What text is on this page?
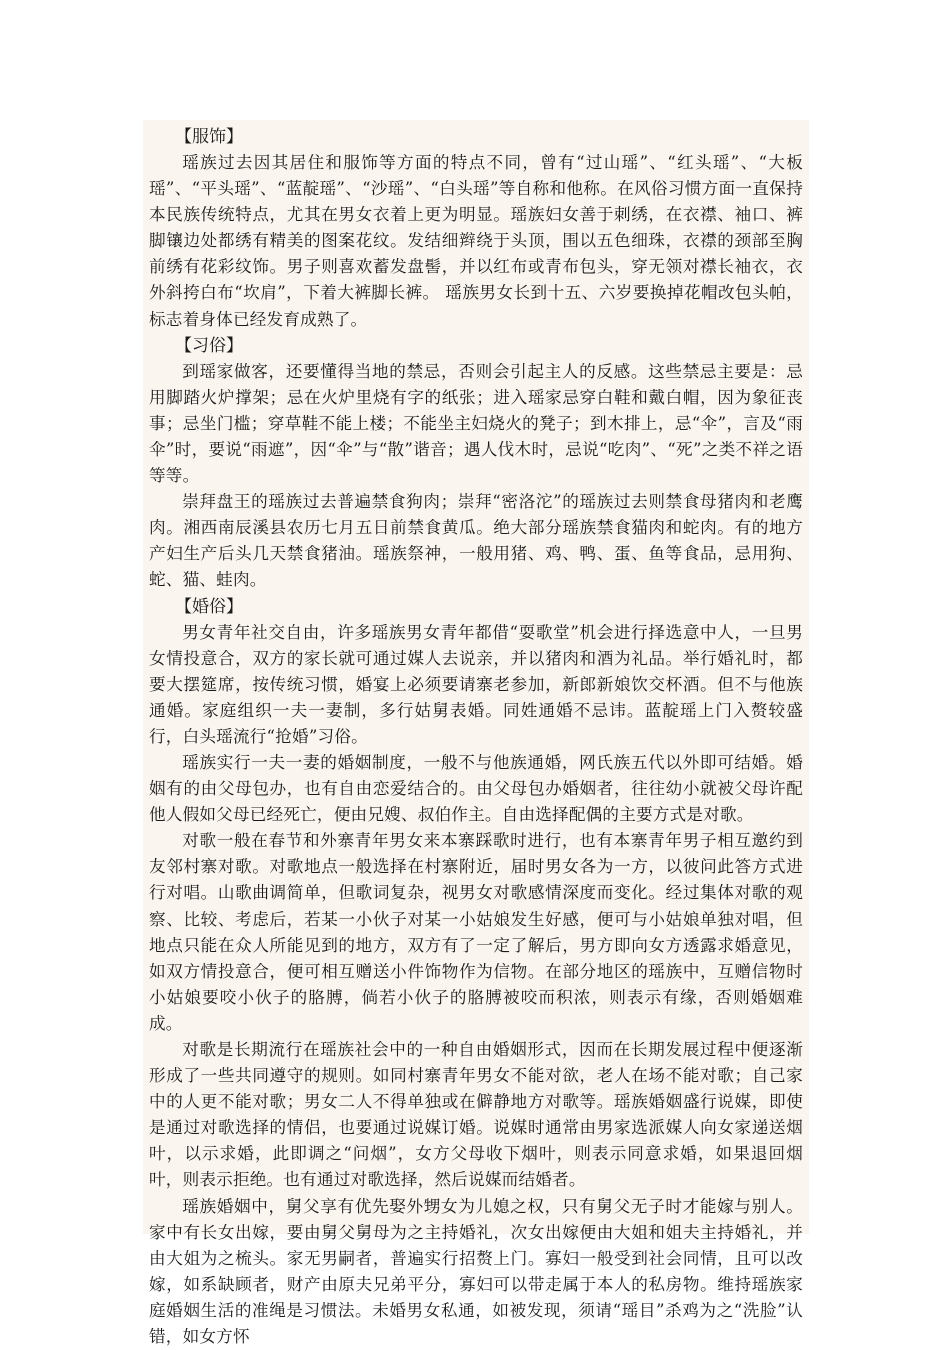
【服饰】

瑶族过去因其居住和服饰等方面的特点不同，曾有“过山瑶”、“红头瑶”、“大板瑶”、“平头瑶”、“蓝靛瑶”、“沙瑶”、“白头瑶”等自称和他称。在风俗习惯方面一直保持本民族传统特点，尤其在男女衣着上更为明显。瑶族妇女善于刺绣，在衣襟、袖口、裤脚镶边处都绣有精美的图案花纹。发结细辫绕于头顶，围以五色细珠，衣襟的颈部至胸前绣有花彩纹饰。男子则喜欢蓄发盘髻，并以红布或青布包头，穿无领对襟长袖衣，衣外斜挎白布“坎肩”，下着大裤脚长裤。 瑶族男女长到十五、六岁要换掉花帽改包头帕，标志着身体已经发育成熟了。

【习俗】

到瑶家做客，还要懂得当地的禁忌，否则会引起主人的反感。这些禁忌主要是：忌用脚踏火炉撑架；忌在火炉里烧有字的纸张；进入瑶家忌穿白鞋和戴白帽，因为象征丧事；忌坐门槛；穿草鞋不能上楼；不能坐主妇烧火的凳子；到木排上，忌“伞”，言及“雨伞”时，要说“雨遮”，因“伞”与“散”谐音；遇人伐木时，忌说“吃肉”、“死”之类不祥之语等等。

崇拜盘王的瑶族过去普遍禁食狗肉；崇拜“密洛沱”的瑶族过去则禁食母猪肉和老鹰肉。湘西南辰溪县农历七月五日前禁食黄瓜。绝大部分瑶族禁食猫肉和蛇肉。有的地方产妇生产后头几天禁食猪油。瑶族祭神，一般用猪、鸡、鸭、蛋、鱼等食品，忌用狗、蛇、猫、蛙肉。

【婚俗】

男女青年社交自由，许多瑶族男女青年都借“耍歌堂”机会进行择选意中人，一旦男女情投意合，双方的家长就可通过媒人去说亲，并以猪肉和酒为礼品。举行婚礼时，都要大摆筵席，按传统习惯，婚宴上必须要请寨老参加，新郎新娘饮交杯酒。但不与他族通婚。家庭组织一夫一妻制，多行姑舅表婚。同姓通婚不忌讳。蓝靛瑶上门入赘较盛行，白头瑶流行“抢婚”习俗。

瑶族实行一夫一妻的婚姻制度，一般不与他族通婚，网氏族五代以外即可结婚。婚姻有的由父母包办，也有自由恋爱结合的。由父母包办婚姻者，往往幼小就被父母许配他人假如父母已经死亡，便由兄嫂、叔伯作主。自由选择配偶的主要方式是对歌。

对歌一般在春节和外寨青年男女来本寨踩歌时进行，也有本寨青年男子相互邀约到友邻村寨对歌。对歌地点一般选择在村寨附近，届时男女各为一方，以彼问此答方式进行对唱。山歌曲调简单，但歌词复杂，视男女对歌感情深度而变化。经过集体对歌的观察、比较、考虑后，若某一小伙子对某一小姑娘发生好感，便可与小姑娘单独对唱，但地点只能在众人所能见到的地方，双方有了一定了解后，男方即向女方透露求婚意见，如双方情投意合，便可相互赠送小件饰物作为信物。在部分地区的瑶族中，互赠信物时小姑娘要咬小伙子的胳膊，倘若小伙子的胳膊被咬而积浓，则表示有缘，否则婚姻难成。

对歌是长期流行在瑶族社会中的一种自由婚姻形式，因而在长期发展过程中便逐渐形成了一些共同遵守的规则。如同村寨青年男女不能对欲，老人在场不能对歌；自己家中的人更不能对歌；男女二人不得单独或在僻静地方对歌等。瑶族婚姻盛行说媒，即使是通过对歌选择的情侣，也要通过说媒订婚。说媒时通常由男家选派媒人向女家递送烟叶，以示求婚，此即调之“问烟”，女方父母收下烟叶，则表示同意求婚，如果退回烟叶，则表示拒绝。也有通过对歌选择，然后说媒而结婚者。

瑶族婚姻中，舅父享有优先娶外甥女为儿媳之权，只有舅父无子时才能嫁与别人。家中有长女出嫁，要由舅父舅母为之主持婚礼，次女出嫁便由大姐和姐夫主持婚礼，并由大姐为之梳头。家无男嗣者，普遍实行招赘上门。寡妇一般受到社会同情，且可以改嫁，如系缺顾者，财产由原夫兄弟平分，寡妇可以带走属于本人的私房物。维持瑶族家庭婚姻生活的准绳是习惯法。未婚男女私通，如被发现，须请“瑶目”杀鸡为之“洗脸”认错，如女方怀
